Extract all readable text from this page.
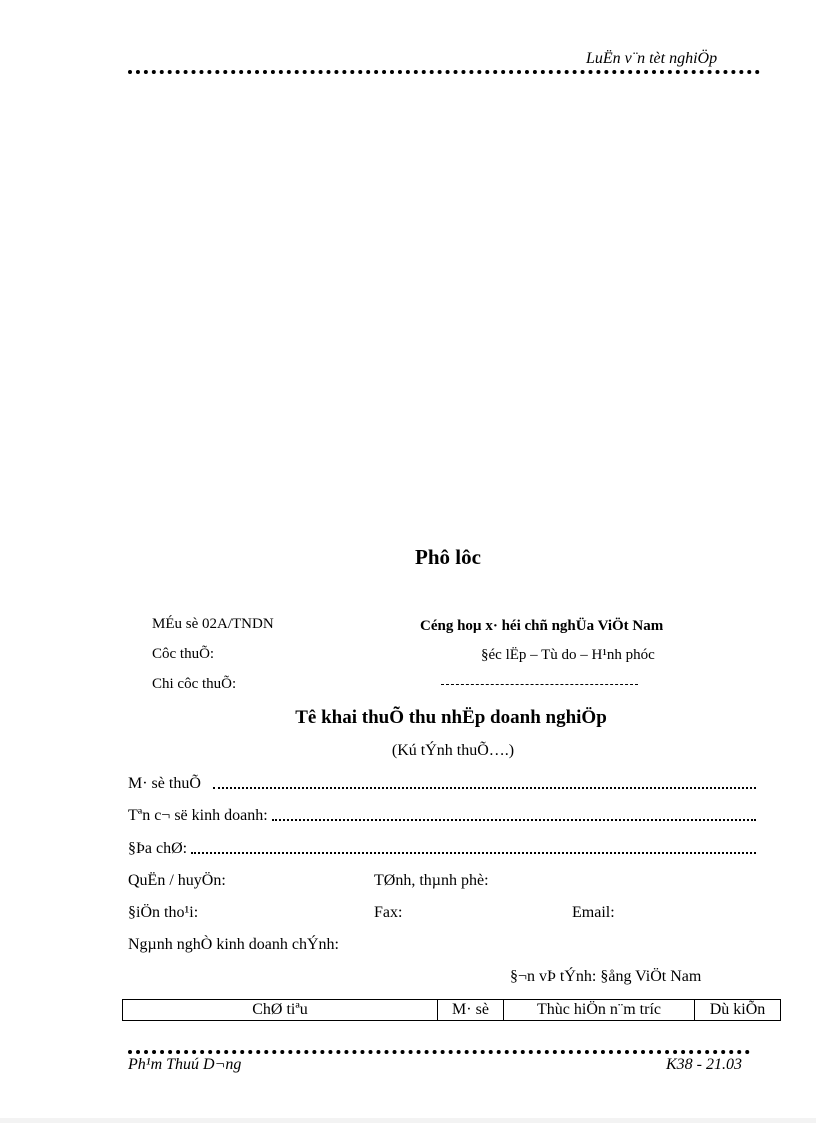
LuËn v¨n tèt nghiÖp
Phô lôc
MÉu sè 02A/TNDN	Céng hoµ x· héi chñ nghÜa ViÖt Nam
Côc thuÕ:	§éc lËp – Tù do – H¹nh phóc
Chi côc thuÕ:
Tê khai thuÕ thu nhËp doanh nghiÖp
(Kú tÝnh thuÕ….)
M· sè thuÕ
Tªn c¬ së kinh doanh:
§Þa chØ:
QuËn / huyÖn:	TØnh, thµnh phè:
§iÖn tho¹i:	Fax:	Email:
Ngµnh nghÒ kinh doanh chÝnh:
§¬n vÞ tÝnh: §ång ViÖt Nam
ChØ tiªu	M· sè	Thùc hiÖn n¨m tríc	Dù kiÕn
Ph¹m Thuú D¬ng	K38 - 21.03
